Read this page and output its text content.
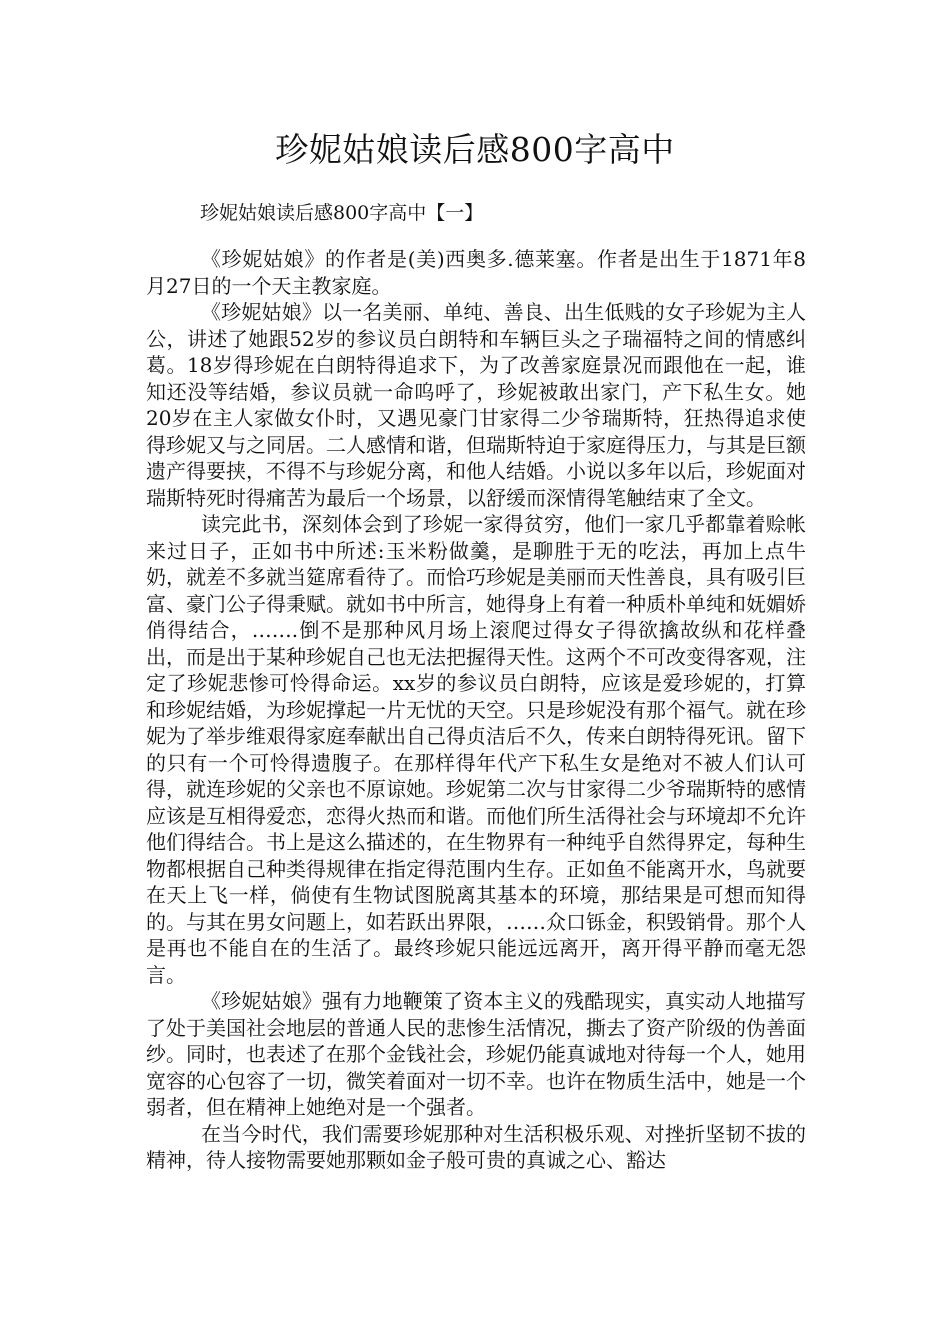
珍妮姑娘读后感800字高中
珍妮姑娘读后感800字高中【一】

《珍妮姑娘》的作者是(美)西奥多.德莱塞。作者是出生于1871年8月27日的一个天主教家庭。

《珍妮姑娘》以一名美丽、单纯、善良、出生低贱的女子珍妮为主人公，讲述了她跟52岁的参议员白朗特和车辆巨头之子瑞福特之间的情感纠葛。18岁得珍妮在白朗特得追求下，为了改善家庭景况而跟他在一起，谁知还没等结婚，参议员就一命呜呼了，珍妮被敢出家门，产下私生女。她20岁在主人家做女仆时，又遇见豪门甘家得二少爷瑞斯特，狂热得追求使得珍妮又与之同居。二人感情和谐，但瑞斯特迫于家庭得压力，与其是巨额遗产得要挟，不得不与珍妮分离，和他人结婚。小说以多年以后，珍妮面对瑞斯特死时得痛苦为最后一个场景，以舒缓而深情得笔触结束了全文。

读完此书，深刻体会到了珍妮一家得贫穷，他们一家几乎都靠着赊帐来过日子，正如书中所述:玉米粉做羹，是聊胜于无的吃法，再加上点牛奶，就差不多就当筵席看待了。而恰巧珍妮是美丽而天性善良，具有吸引巨富、豪门公子得秉赋。就如书中所言，她得身上有着一种质朴单纯和妩媚娇俏得结合，…….倒不是那种风月场上滚爬过得女子得欲擒故纵和花样叠出，而是出于某种珍妮自己也无法把握得天性。这两个不可改变得客观，注定了珍妮悲惨可怜得命运。xx岁的参议员白朗特，应该是爱珍妮的，打算和珍妮结婚，为珍妮撑起一片无忧的天空。只是珍妮没有那个福气。就在珍妮为了举步维艰得家庭奉献出自己得贞洁后不久，传来白朗特得死讯。留下的只有一个可怜得遗腹子。在那样得年代产下私生女是绝对不被人们认可得，就连珍妮的父亲也不原谅她。珍妮第二次与甘家得二少爷瑞斯特的感情应该是互相得爱恋，恋得火热而和谐。而他们所生活得社会与环境却不允许他们得结合。书上是这么描述的，在生物界有一种纯乎自然得界定，每种生物都根据自己种类得规律在指定得范围内生存。正如鱼不能离开水，鸟就要在天上飞一样，倘使有生物试图脱离其基本的环境，那结果是可想而知得的。与其在男女问题上，如若跃出界限，……众口铄金，积毁销骨。那个人是再也不能自在的生活了。最终珍妮只能远远离开，离开得平静而毫无怨言。

《珍妮姑娘》强有力地鞭策了资本主义的残酷现实，真实动人地描写了处于美国社会地层的普通人民的悲惨生活情况，撕去了资产阶级的伪善面纱。同时，也表述了在那个金钱社会，珍妮仍能真诚地对待每一个人，她用宽容的心包容了一切，微笑着面对一切不幸。也许在物质生活中，她是一个弱者，但在精神上她绝对是一个强者。

在当今时代，我们需要珍妮那种对生活积极乐观、对挫折坚韧不拔的精神，待人接物需要她那颗如金子般可贵的真诚之心、豁达
